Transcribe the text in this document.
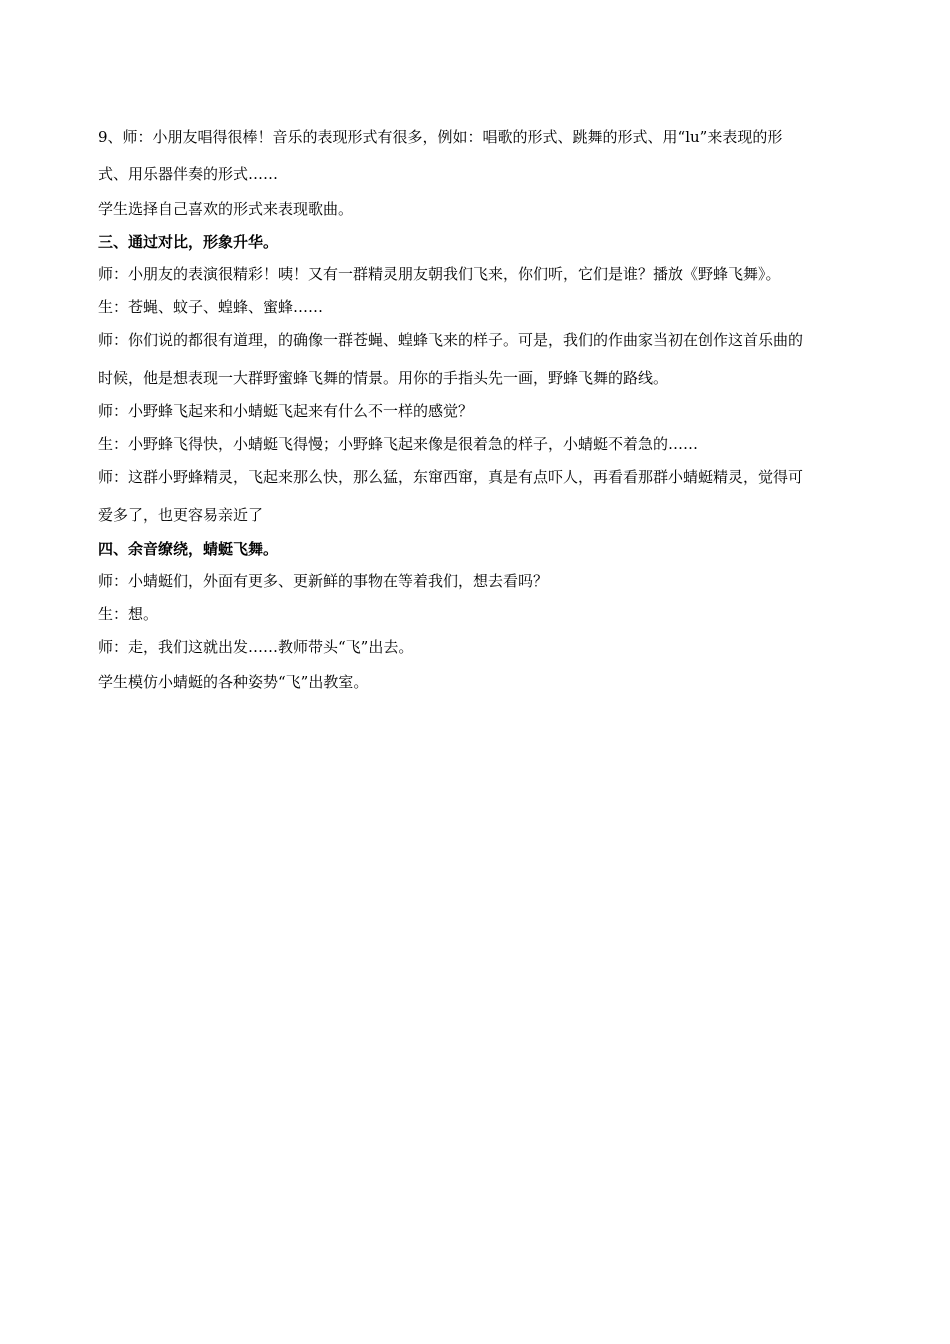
9、师：小朋友唱得很棒！音乐的表现形式有很多，例如：唱歌的形式、跳舞的形式、用“lu”来表现的形
式、用乐器伴奏的形式……
学生选择自己喜欢的形式来表现歌曲。
三、通过对比，形象升华。
师：小朋友的表演很精彩！咦！又有一群精灵朋友朝我们飞来，你们听，它们是谁？播放《野蜂飞舞》。
生：苍蝇、蚊子、蝗蜂、蜜蜂……
师：你们说的都很有道理，的确像一群苍蝇、蝗蜂飞来的样子。可是，我们的作曲家当初在创作这首乐曲的
时候，他是想表现一大群野蜜蜂飞舞的情景。用你的手指头先一画，野蜂飞舞的路线。
师：小野蜂飞起来和小蜻蜓飞起来有什么不一样的感觉？
生：小野蜂飞得快，小蜻蜓飞得慢；小野蜂飞起来像是很着急的样子，小蜻蜓不着急的……
师：这群小野蜂精灵，飞起来那么快，那么猛，东窜西窜，真是有点吓人，再看看那群小蜻蜓精灵，觉得可
爱多了，也更容易亲近了
四、余音缭绕，蜻蜓飞舞。
师：小蜻蜓们，外面有更多、更新鲜的事物在等着我们，想去看吗？
生：想。
师：走，我们这就出发……教师带头“飞”出去。
学生模仿小蜻蜓的各种姿势“飞”出教室。
